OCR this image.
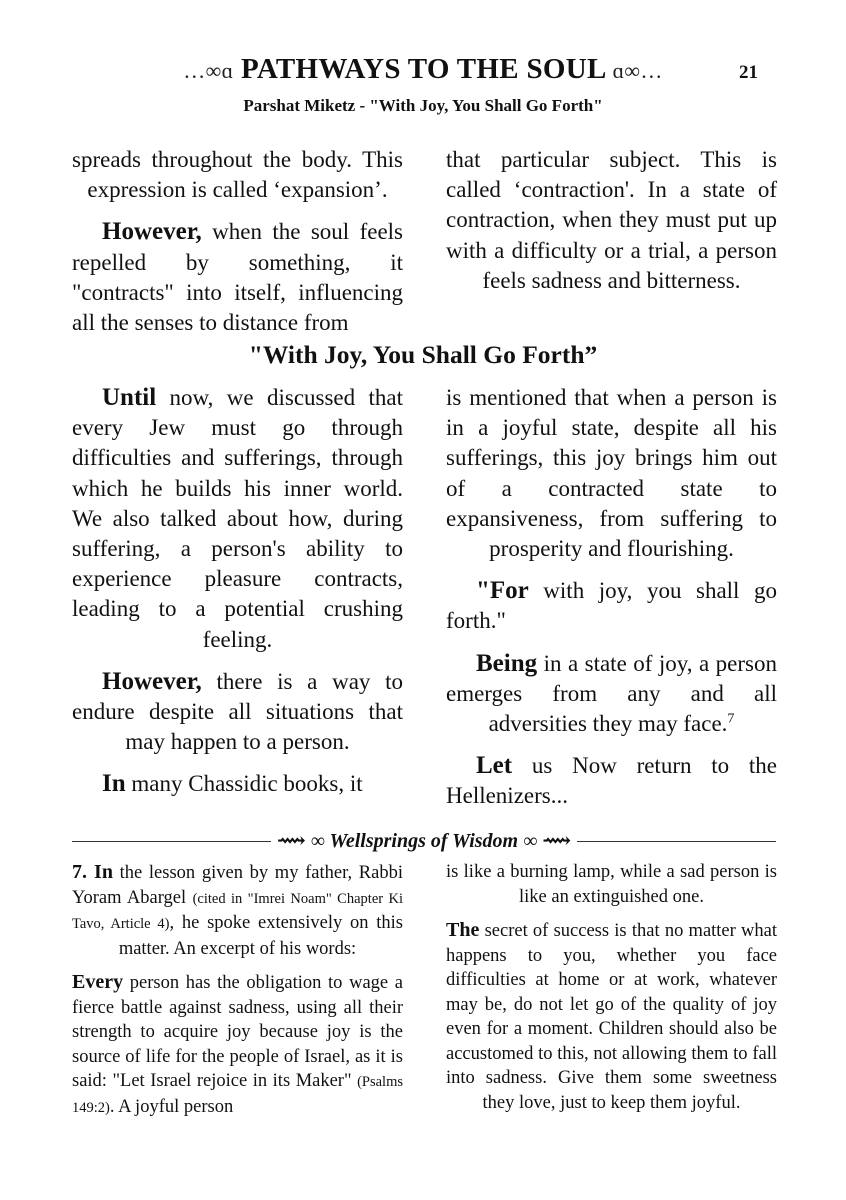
…∞ɑ PATHWAYS TO THE SOUL ɑ∞…	21
Parshat Miketz - "With Joy, You Shall Go Forth"

spreads throughout the body. This expression is called ‘expansion’.

However, when the soul feels repelled by something, it "contracts" into itself, influencing all the senses to distance from

that particular subject. This is called ‘contraction'. In a state of contraction, when they must put up with a difficulty or a trial, a person feels sadness and bitterness.

"With Joy, You Shall Go Forth”

Until now, we discussed that every Jew must go through difficulties and sufferings, through which he builds his inner world. We also talked about how, during suffering, a person's ability to experience pleasure contracts, leading to a potential crushing feeling.

However, there is a way to endure despite all situations that may happen to a person.

In many Chassidic books, it

is mentioned that when a person is in a joyful state, despite all his sufferings, this joy brings him out of a contracted state to expansiveness, from suffering to prosperity and flourishing.

"For with joy, you shall go forth."

Being in a state of joy, a person emerges from any and all adversities they may face.$^7$

Let us Now return to the Hellenizers...

⟿ ∞ Wellsprings of Wisdom ∞ ⟿

7. In the lesson given by my father, Rabbi Yoram Abargel (cited in "Imrei Noam" Chapter Ki Tavo, Article 4), he spoke extensively on this matter. An excerpt of his words:

Every person has the obligation to wage a fierce battle against sadness, using all their strength to acquire joy because joy is the source of life for the people of Israel, as it is said: "Let Israel rejoice in its Maker" (Psalms 149:2). A joyful person

is like a burning lamp, while a sad person is like an extinguished one.

The secret of success is that no matter what happens to you, whether you face difficulties at home or at work, whatever may be, do not let go of the quality of joy even for a moment. Children should also be accustomed to this, not allowing them to fall into sadness. Give them some sweetness they love, just to keep them joyful.
